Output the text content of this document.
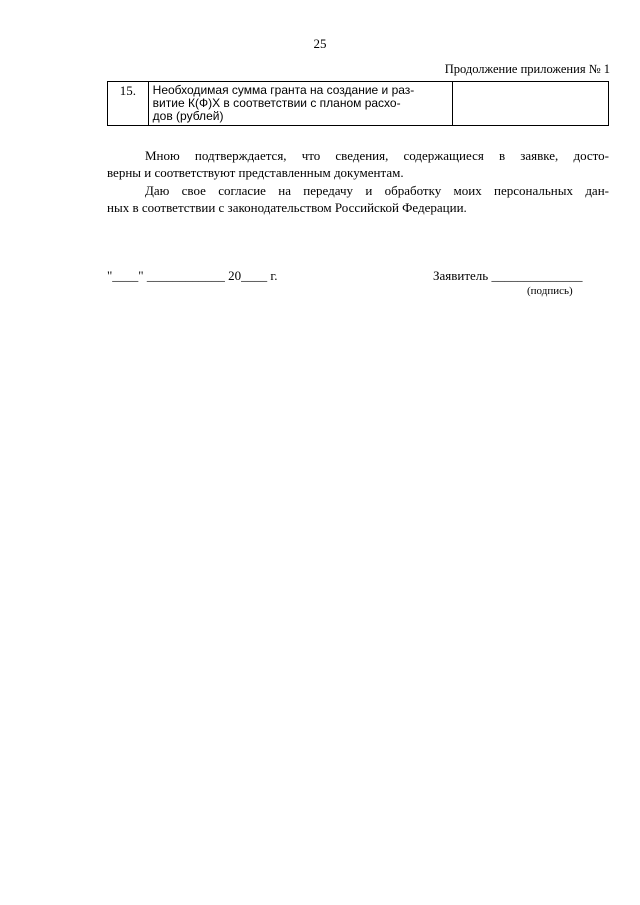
25
Продолжение приложения № 1
15.	Необходимая сумма гранта на создание и раз-
витие К(Ф)Х в соответствии с планом расхо-
дов (рублей)

Мною подтверждается, что сведения, содержащиеся в заявке, досто-
верны и соответствуют представленным документам.
Даю свое согласие на передачу и обработку моих персональных дан-
ных в соответствии с законодательством Российской Федерации.
"____" ____________ 20____ г.	Заявитель ______________
(подпись)
